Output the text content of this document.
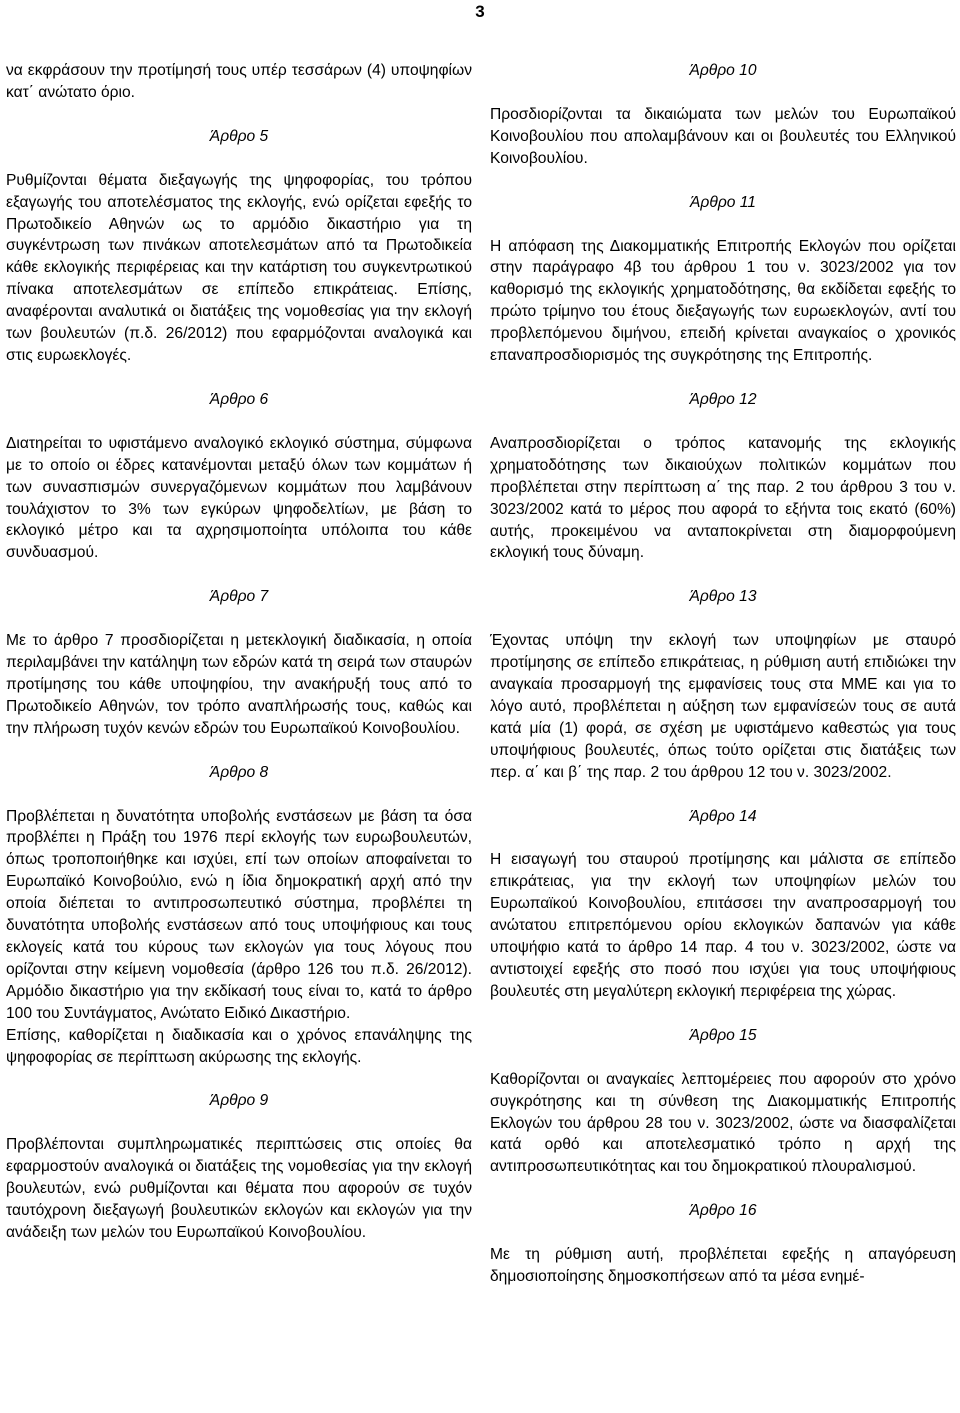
3

να εκφράσουν την προτίμησή τους υπέρ τεσσάρων (4) υποψηφίων κατ΄ ανώτατο όριο.

Άρθρο 5

Ρυθμίζονται θέματα διεξαγωγής της ψηφοφορίας, του τρόπου εξαγωγής του αποτελέσματος της εκλογής, ενώ ορίζεται εφεξής το Πρωτοδικείο Αθηνών ως το αρμόδιο δικαστήριο για τη συγκέντρωση των πινάκων αποτελεσμάτων από τα Πρωτοδικεία κάθε εκλογικής περιφέρειας και την κατάρτιση του συγκεντρωτικού πίνακα αποτελεσμάτων σε επίπεδο επικράτειας. Επίσης, αναφέρονται αναλυτικά οι διατάξεις της νομοθεσίας για την εκλογή των βουλευτών (π.δ. 26/2012) που εφαρμόζονται αναλογικά και στις ευρωεκλογές.

Άρθρο 6

Διατηρείται το υφιστάμενο αναλογικό εκλογικό σύστημα, σύμφωνα με το οποίο οι έδρες κατανέμονται μεταξύ όλων των κομμάτων ή των συνασπισμών συνεργαζόμενων κομμάτων που λαμβάνουν τουλάχιστον το 3% των εγκύρων ψηφοδελτίων, με βάση το εκλογικό μέτρο και τα αχρησιμοποίητα υπόλοιπα του κάθε συνδυασμού.

Άρθρο 7

Με το άρθρο 7 προσδιορίζεται η μετεκλογική διαδικασία, η οποία περιλαμβάνει την κατάληψη των εδρών κατά τη σειρά των σταυρών προτίμησης του κάθε υποψηφίου, την ανακήρυξή τους από το Πρωτοδικείο Αθηνών, τον τρόπο αναπλήρωσής τους, καθώς και την πλήρωση τυχόν κενών εδρών του Ευρωπαϊκού Κοινοβουλίου.

Άρθρο 8

Προβλέπεται η δυνατότητα υποβολής ενστάσεων με βάση τα όσα προβλέπει η Πράξη του 1976 περί εκλογής των ευρωβουλευτών, όπως τροποποιήθηκε και ισχύει, επί των οποίων αποφαίνεται το Ευρωπαϊκό Κοινοβούλιο, ενώ η ίδια δημοκρατική αρχή από την οποία διέπεται το αντιπροσωπευτικό σύστημα, προβλέπει τη δυνατότητα υποβολής ενστάσεων από τους υποψήφιους και τους εκλογείς κατά του κύρους των εκλογών για τους λόγους που ορίζονται στην κείμενη νομοθεσία (άρθρο 126 του π.δ. 26/2012). Αρμόδιο δικαστήριο για την εκδίκασή τους είναι το, κατά το άρθρο 100 του Συντάγματος, Ανώτατο Ειδικό Δικαστήριο.

Επίσης, καθορίζεται η διαδικασία και ο χρόνος επανάληψης της ψηφοφορίας σε περίπτωση ακύρωσης της εκλογής.

Άρθρο 9

Προβλέπονται συμπληρωματικές περιπτώσεις στις οποίες θα εφαρμοστούν αναλογικά οι διατάξεις της νομοθεσίας για την εκλογή βουλευτών, ενώ ρυθμίζονται και θέματα που αφορούν σε τυχόν ταυτόχρονη διεξαγωγή βουλευτικών εκλογών και εκλογών για την ανάδειξη των μελών του Ευρωπαϊκού Κοινοβουλίου.

Άρθρο 10

Προσδιορίζονται τα δικαιώματα των μελών του Ευρωπαϊκού Κοινοβουλίου που απολαμβάνουν και οι βουλευτές του Ελληνικού Κοινοβουλίου.

Άρθρο 11

Η απόφαση της Διακομματικής Επιτροπής Εκλογών που ορίζεται στην παράγραφο 4β του άρθρου 1 του ν. 3023/2002 για τον καθορισμό της εκλογικής χρηματοδότησης, θα εκδίδεται εφεξής το πρώτο τρίμηνο του έτους διεξαγωγής των ευρωεκλογών, αντί του προβλεπόμενου διμήνου, επειδή κρίνεται αναγκαίος ο χρονικός επαναπροσδιορισμός της συγκρότησης της Επιτροπής.

Άρθρο 12

Αναπροσδιορίζεται ο τρόπος κατανομής της εκλογικής χρηματοδότησης των δικαιούχων πολιτικών κομμάτων που προβλέπεται στην περίπτωση α΄ της παρ. 2 του άρθρου 3 του ν. 3023/2002 κατά το μέρος που αφορά το εξήντα τοις εκατό (60%) αυτής, προκειμένου να ανταποκρίνεται στη διαμορφούμενη εκλογική τους δύναμη.

Άρθρο 13

Έχοντας υπόψη την εκλογή των υποψηφίων με σταυρό προτίμησης σε επίπεδο επικράτειας, η ρύθμιση αυτή επιδιώκει την αναγκαία προσαρμογή της εμφανίσεις τους στα ΜΜΕ και για το λόγο αυτό, προβλέπεται η αύξηση των εμφανίσεών τους σε αυτά κατά μία (1) φορά, σε σχέση με υφιστάμενο καθεστώς για τους υποψήφιους βουλευτές, όπως τούτο ορίζεται στις διατάξεις των περ. α΄ και β΄ της παρ. 2 του άρθρου 12 του ν. 3023/2002.

Άρθρο 14

Η εισαγωγή του σταυρού προτίμησης και μάλιστα σε επίπεδο επικράτειας, για την εκλογή των υποψηφίων μελών του Ευρωπαϊκού Κοινοβουλίου, επιτάσσει την αναπροσαρμογή του ανώτατου επιτρεπόμενου ορίου εκλογικών δαπανών για κάθε υποψήφιο κατά το άρθρο 14 παρ. 4 του ν. 3023/2002, ώστε να αντιστοιχεί εφεξής στο ποσό που ισχύει για τους υποψήφιους βουλευτές στη μεγαλύτερη εκλογική περιφέρεια της χώρας.

Άρθρο 15

Καθορίζονται οι αναγκαίες λεπτομέρειες που αφορούν στο χρόνο συγκρότησης και τη σύνθεση της Διακομματικής Επιτροπής Εκλογών του άρθρου 28 του ν. 3023/2002, ώστε να διασφαλίζεται κατά ορθό και αποτελεσματικό τρόπο η αρχή της αντιπροσωπευτικότητας και του δημοκρατικού πλουραλισμού.

Άρθρο 16

Με τη ρύθμιση αυτή, προβλέπεται εφεξής η απαγόρευση δημοσιοποίησης δημοσκοπήσεων από τα μέσα ενημέ-
